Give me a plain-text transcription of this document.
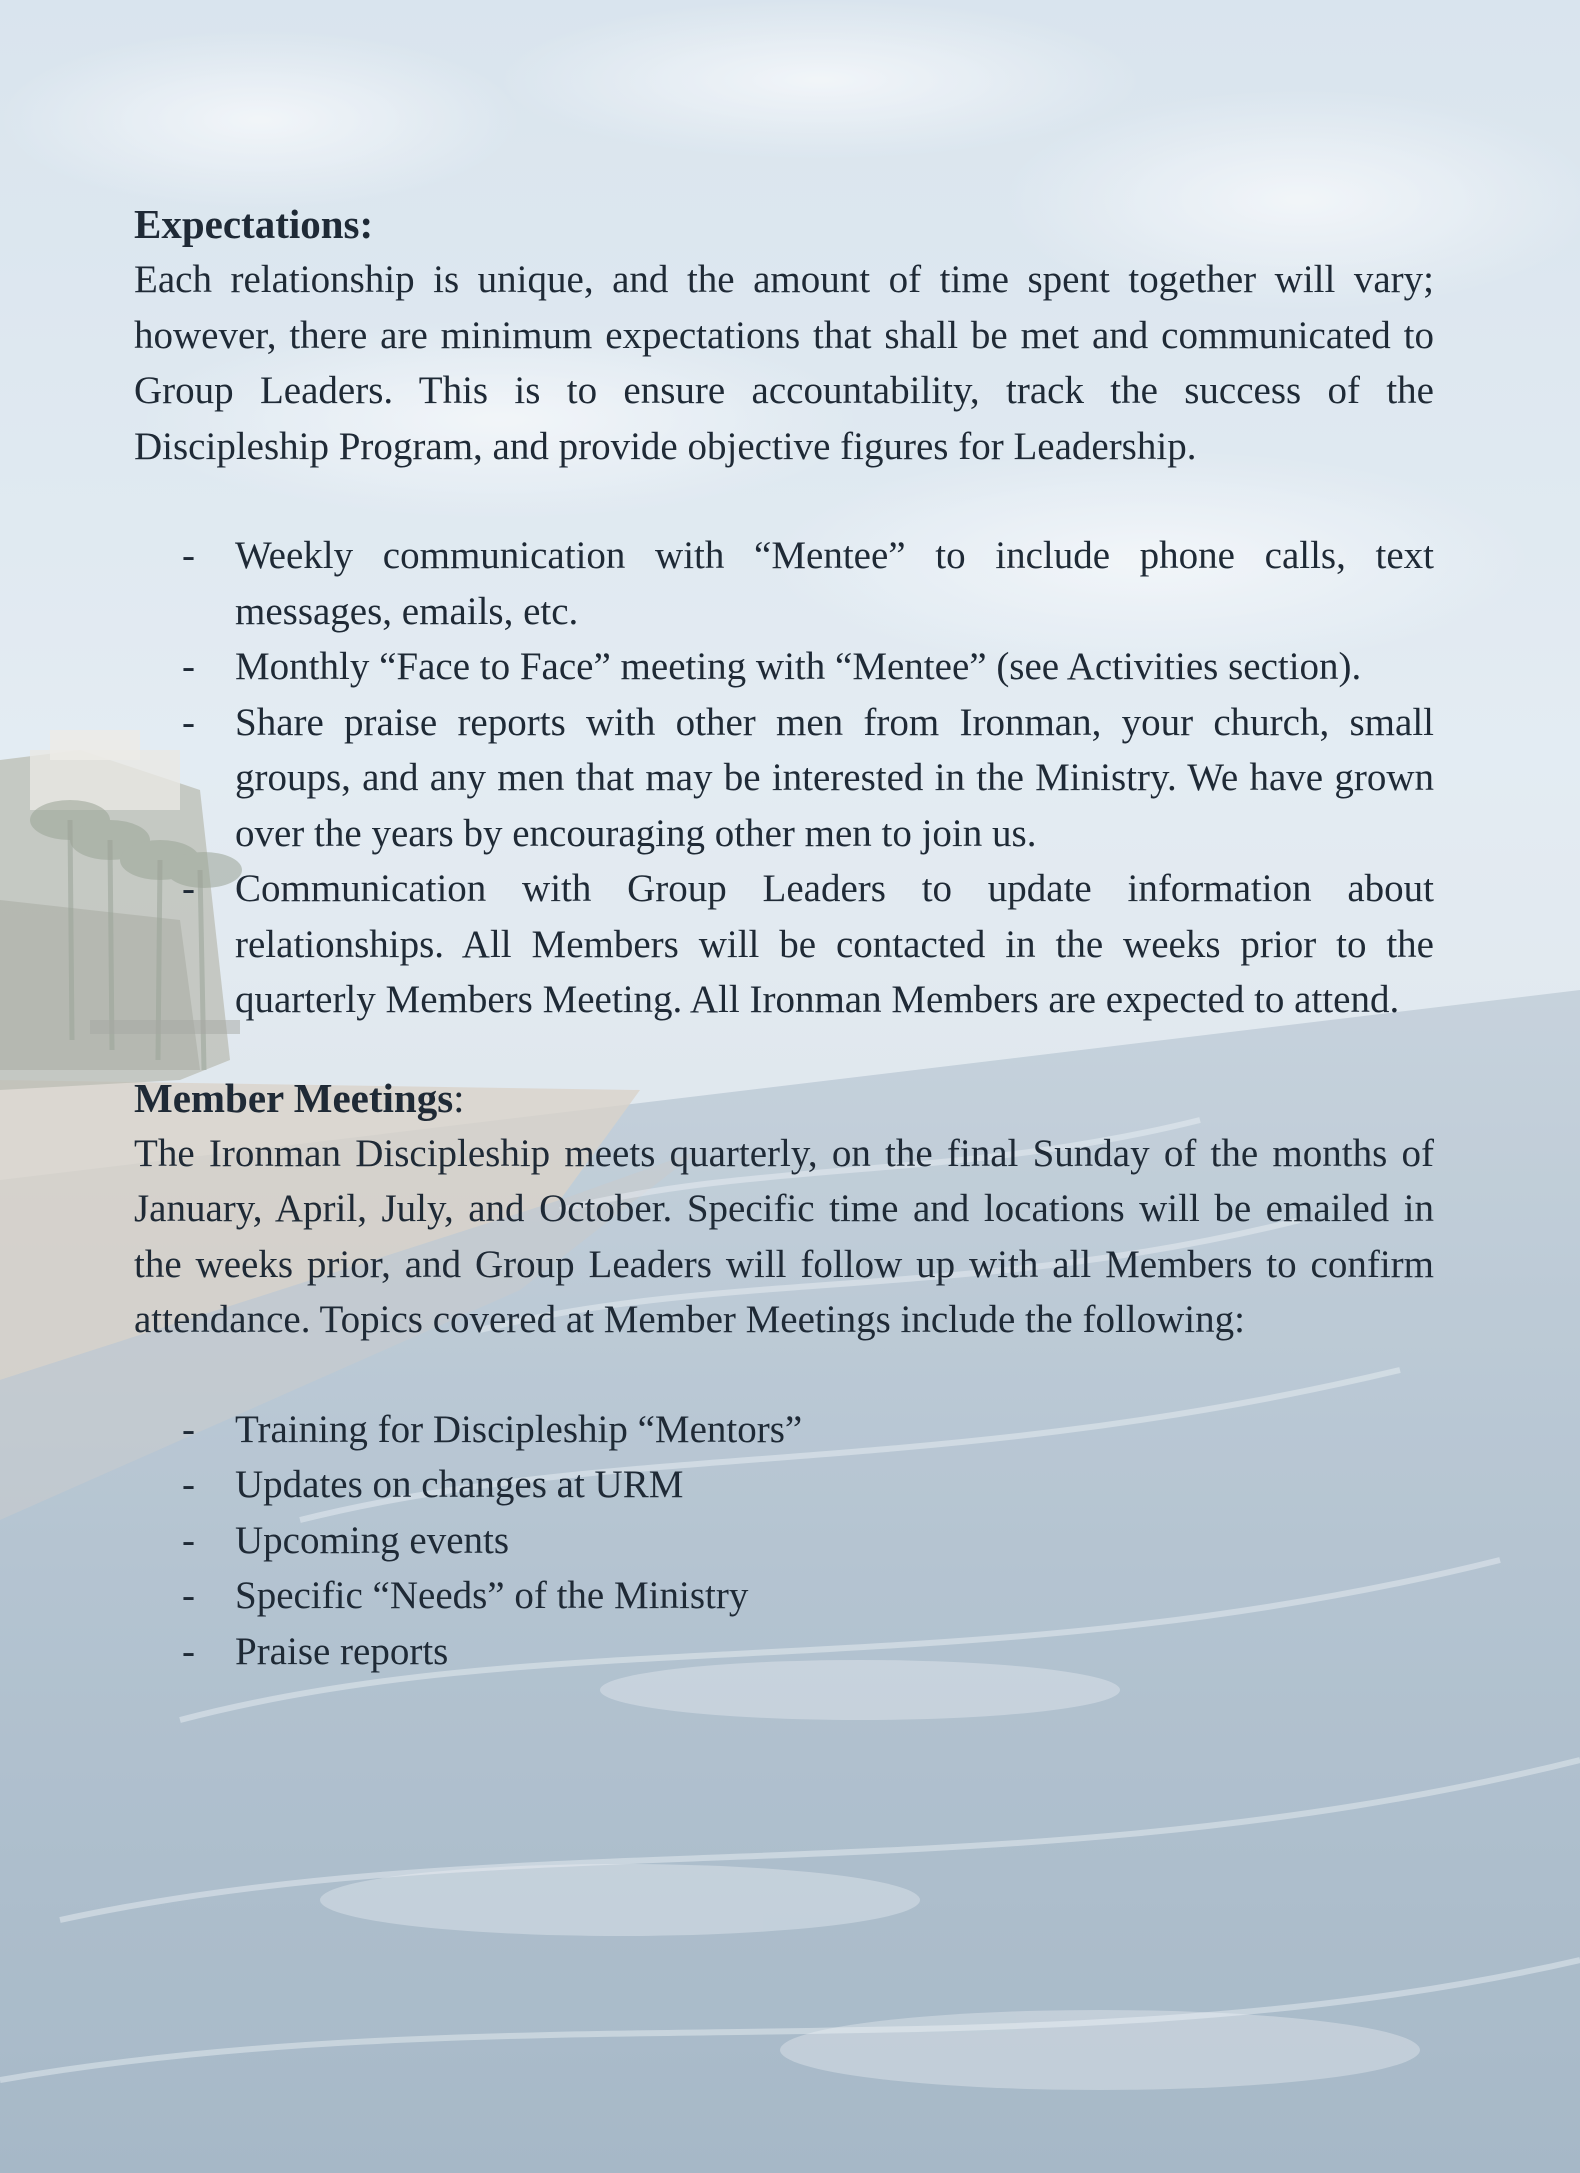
Expectations:

Each relationship is unique, and the amount of time spent together will vary; however, there are minimum expectations that shall be met and communicated to Group Leaders. This is to ensure accountability, track the success of the Discipleship Program, and provide objective figures for Leadership.

- Weekly communication with “Mentee” to include phone calls, text messages, emails, etc.
- Monthly “Face to Face” meeting with “Mentee” (see Activities section).
- Share praise reports with other men from Ironman, your church, small groups, and any men that may be interested in the Ministry. We have grown over the years by encouraging other men to join us.
- Communication with Group Leaders to update information about relationships. All Members will be contacted in the weeks prior to the quarterly Members Meeting. All Ironman Members are expected to attend.
Member Meetings:

The Ironman Discipleship meets quarterly, on the final Sunday of the months of January, April, July, and October. Specific time and locations will be emailed in the weeks prior, and Group Leaders will follow up with all Members to confirm attendance. Topics covered at Member Meetings include the following:

- Training for Discipleship “Mentors”
- Updates on changes at URM
- Upcoming events
- Specific “Needs” of the Ministry
- Praise reports
